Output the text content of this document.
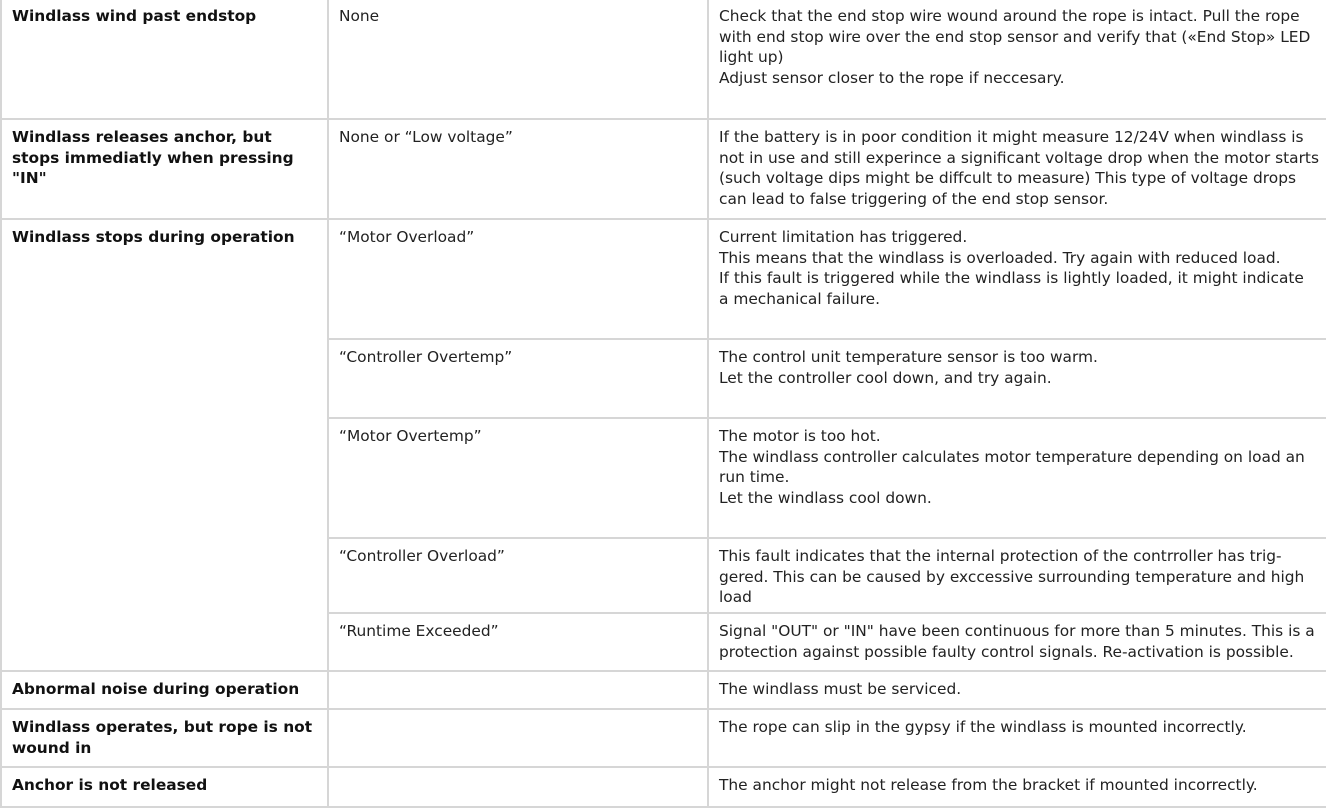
Windlass wind past endstop	None	Check that the end stop wire wound around the rope is intact. Pull the rope
with end stop wire over the end stop sensor and verify that («End Stop» LED
light up)
Adjust sensor closer to the rope if neccesary.

Windlass releases anchor, but stops immediatly when pressing "IN"	None or “Low voltage”	If the battery is in poor condition it might measure 12/24V when windlass is
not in use and still experince a significant voltage drop when the motor starts
(such voltage dips might be diffcult to measure) This type of voltage drops
can lead to false triggering of the end stop sensor.

Windlass stops during operation	“Motor Overload”	Current limitation has triggered.
This means that the windlass is overloaded. Try again with reduced load.
If this fault is triggered while the windlass is lightly loaded, it might indicate
a mechanical failure.

	“Controller Overtemp”	The control unit temperature sensor is too warm.
Let the controller cool down, and try again.

	“Motor Overtemp”	The motor is too hot.
The windlass controller calculates motor temperature depending on load an
run time.
Let the windlass cool down.

	“Controller Overload”	This fault indicates that the internal protection of the contrroller has trig-
gered. This can be caused by exccessive surrounding temperature and high
load

	“Runtime Exceeded”	Signal "OUT" or "IN" have been continuous for more than 5 minutes. This is a
protection against possible faulty control signals. Re-activation is possible.

Abnormal noise during operation		The windlass must be serviced.

Windlass operates, but rope is not wound in		The rope can slip in the gypsy if the windlass is mounted incorrectly.

Anchor is not released		The anchor might not release from the bracket if mounted incorrectly.
